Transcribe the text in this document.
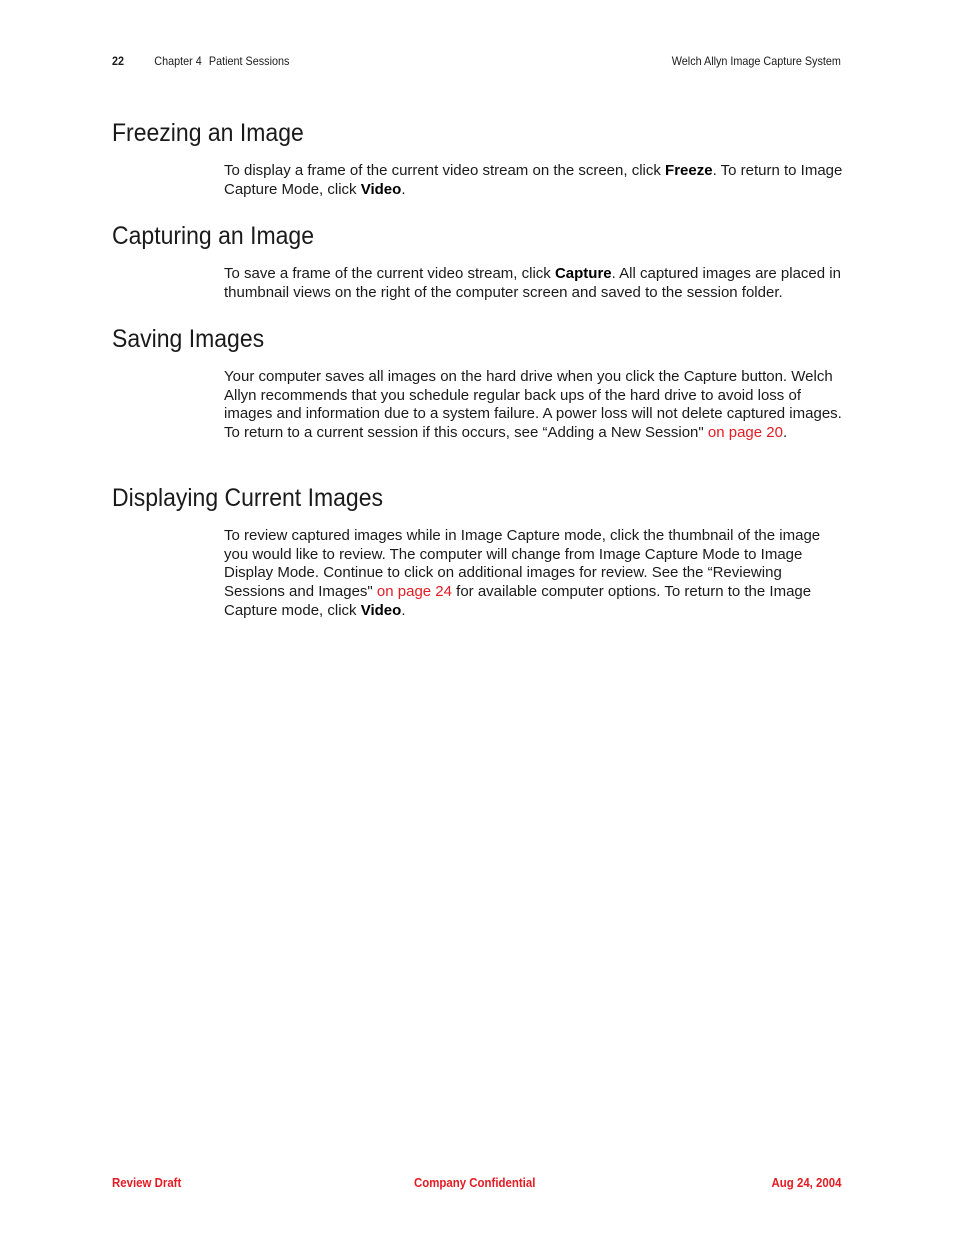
22	Chapter 4 Patient Sessions	Welch Allyn Image Capture System
Freezing an Image

To display a frame of the current video stream on the screen, click Freeze. To return to Image Capture Mode, click Video.

Capturing an Image

To save a frame of the current video stream, click Capture. All captured images are placed in thumbnail views on the right of the computer screen and saved to the session folder.

Saving Images

Your computer saves all images on the hard drive when you click the Capture button. Welch Allyn recommends that you schedule regular back ups of the hard drive to avoid loss of images and information due to a system failure. A power loss will not delete captured images. To return to a current session if this occurs, see “Adding a New Session" on page 20.

Displaying Current Images

To review captured images while in Image Capture mode, click the thumbnail of the image you would like to review. The computer will change from Image Capture Mode to Image Display Mode. Continue to click on additional images for review. See the “Reviewing Sessions and Images" on page 24 for available computer options. To return to the Image Capture mode, click Video.

Review Draft	Company Confidential	Aug 24, 2004
